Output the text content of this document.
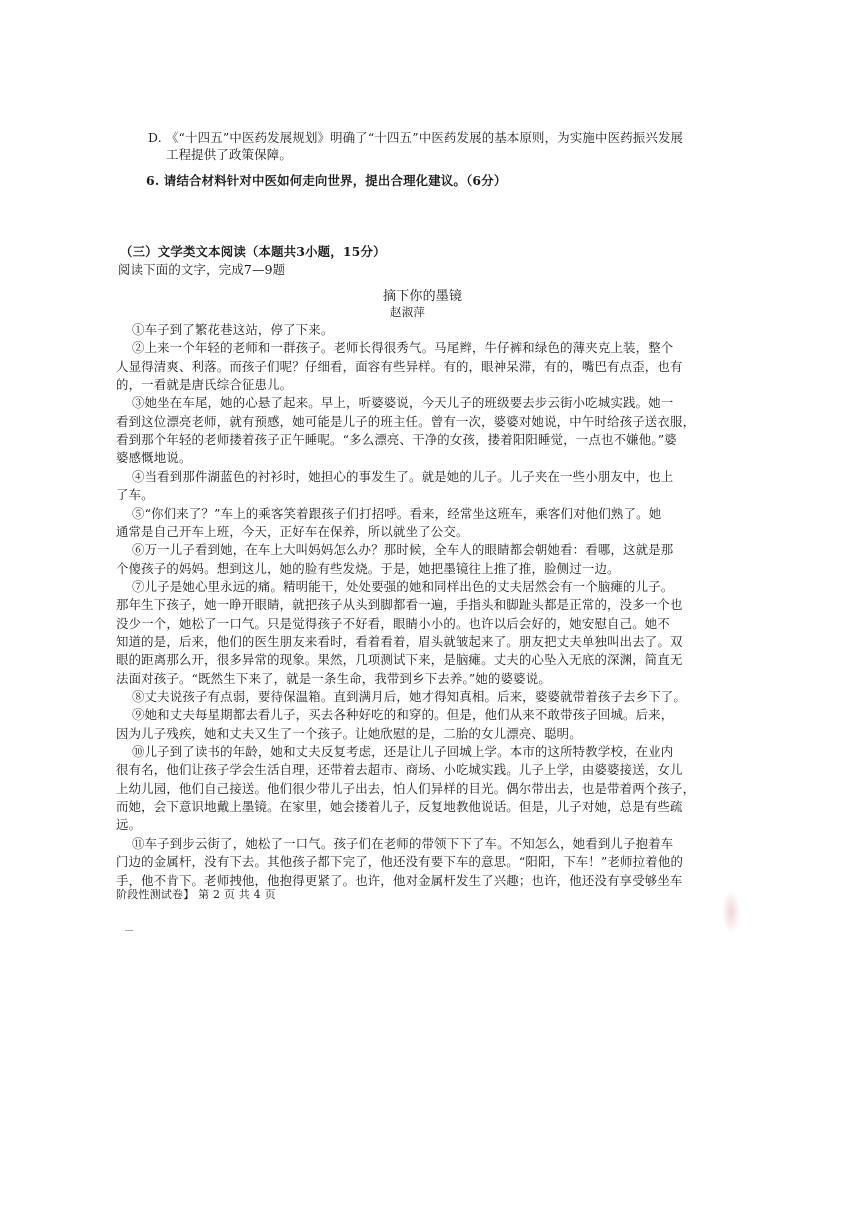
D. 《“十四五”中医药发展规划》明确了“十四五”中医药发展的基本原则，为实施中医药振兴发展
工程提供了政策保障。
6. 请结合材料针对中医如何走向世界，提出合理化建议。（6分）
（三）文学类文本阅读（本题共3小题，15分）
阅读下面的文字，完成7—9题
摘下你的墨镜
赵淑萍
①车子到了繁花巷这站，停了下来。
②上来一个年轻的老师和一群孩子。老师长得很秀气。马尾辫，牛仔裤和绿色的薄夹克上装，整个
人显得清爽、利落。而孩子们呢？仔细看，面容有些异样。有的，眼神呆滞，有的，嘴巴有点歪，也有
的，一看就是唐氏综合征患儿。
③她坐在车尾，她的心悬了起来。早上，听婆婆说，今天儿子的班级要去步云街小吃城实践。她一
看到这位漂亮老师，就有预感，她可能是儿子的班主任。曾有一次，婆婆对她说，中午时给孩子送衣服，
看到那个年轻的老师搂着孩子正午睡呢。“多么漂亮、干净的女孩，搂着阳阳睡觉，一点也不嫌他。”婆
婆感慨地说。
④当看到那件湖蓝色的衬衫时，她担心的事发生了。就是她的儿子。儿子夹在一些小朋友中，也上
了车。
⑤“你们来了？”车上的乘客笑着跟孩子们打招呼。看来，经常坐这班车，乘客们对他们熟了。她
通常是自己开车上班，今天，正好车在保养，所以就坐了公交。
⑥万一儿子看到她，在车上大叫妈妈怎么办？那时候，全车人的眼睛都会朝她看：看哪，这就是那
个傻孩子的妈妈。想到这儿，她的脸有些发烧。于是，她把墨镜往上推了推，脸侧过一边。
⑦儿子是她心里永远的痛。精明能干，处处要强的她和同样出色的丈夫居然会有一个脑瘫的儿子。
那年生下孩子，她一睁开眼睛，就把孩子从头到脚都看一遍，手指头和脚趾头都是正常的，没多一个也
没少一个，她松了一口气。只是觉得孩子不好看，眼睛小小的。也许以后会好的，她安慰自己。她不
知道的是，后来，他们的医生朋友来看时，看着看着，眉头就皱起来了。朋友把丈夫单独叫出去了。双
眼的距离那么开，很多异常的现象。果然，几项测试下来，是脑瘫。丈夫的心坠入无底的深渊，简直无
法面对孩子。“既然生下来了，就是一条生命，我带到乡下去养。”她的婆婆说。
⑧丈夫说孩子有点弱，要待保温箱。直到满月后，她才得知真相。后来，婆婆就带着孩子去乡下了。
⑨她和丈夫每星期都去看儿子，买去各种好吃的和穿的。但是，他们从来不敢带孩子回城。后来，
因为儿子残疾，她和丈夫又生了一个孩子。让她欣慰的是，二胎的女儿漂亮、聪明。
⑩儿子到了读书的年龄，她和丈夫反复考虑，还是让儿子回城上学。本市的这所特教学校，在业内
很有名，他们让孩子学会生活自理，还带着去超市、商场、小吃城实践。儿子上学，由婆婆接送，女儿
上幼儿园，他们自己接送。他们很少带儿子出去，怕人们异样的目光。偶尔带出去，也是带着两个孩子，
而她，会下意识地戴上墨镜。在家里，她会搂着儿子，反复地教他说话。但是，儿子对她，总是有些疏
远。
⑪车子到步云街了，她松了一口气。孩子们在老师的带领下下了车。不知怎么，她看到儿子抱着车
门边的金属杆，没有下去。其他孩子都下完了，他还没有要下车的意思。“阳阳，下车！”老师拉着他的
手，他不肯下。老师拽他，他抱得更紧了。也许，他对金属杆发生了兴趣；也许，他还没有享受够坐车
阶段性测试卷】 第 2 页 共 4 页
